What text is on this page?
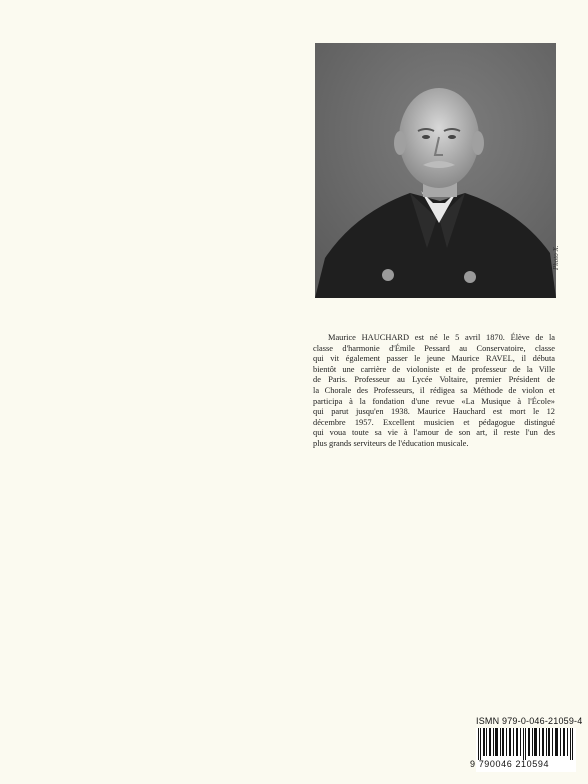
Photo X.

Maurice HAUCHARD est né le 5 avril 1870. Élève de la
classe d'harmonie d'Émile Pessard au Conservatoire, classe
qui vit également passer le jeune Maurice RAVEL, il débuta
bientôt une carrière de violoniste et de professeur de la Ville
de Paris. Professeur au Lycée Voltaire, premier Président de
la Chorale des Professeurs, il rédigea sa Méthode de violon et
participa à la fondation d'une revue «La Musique à l'École»
qui parut jusqu'en 1938. Maurice Hauchard est mort le 12
décembre 1957. Excellent musicien et pédagogue distingué
qui voua toute sa vie à l'amour de son art, il reste l'un des
plus grands serviteurs de l'éducation musicale.

ISMN 979-0-046-21059-4
9 790046 210594
